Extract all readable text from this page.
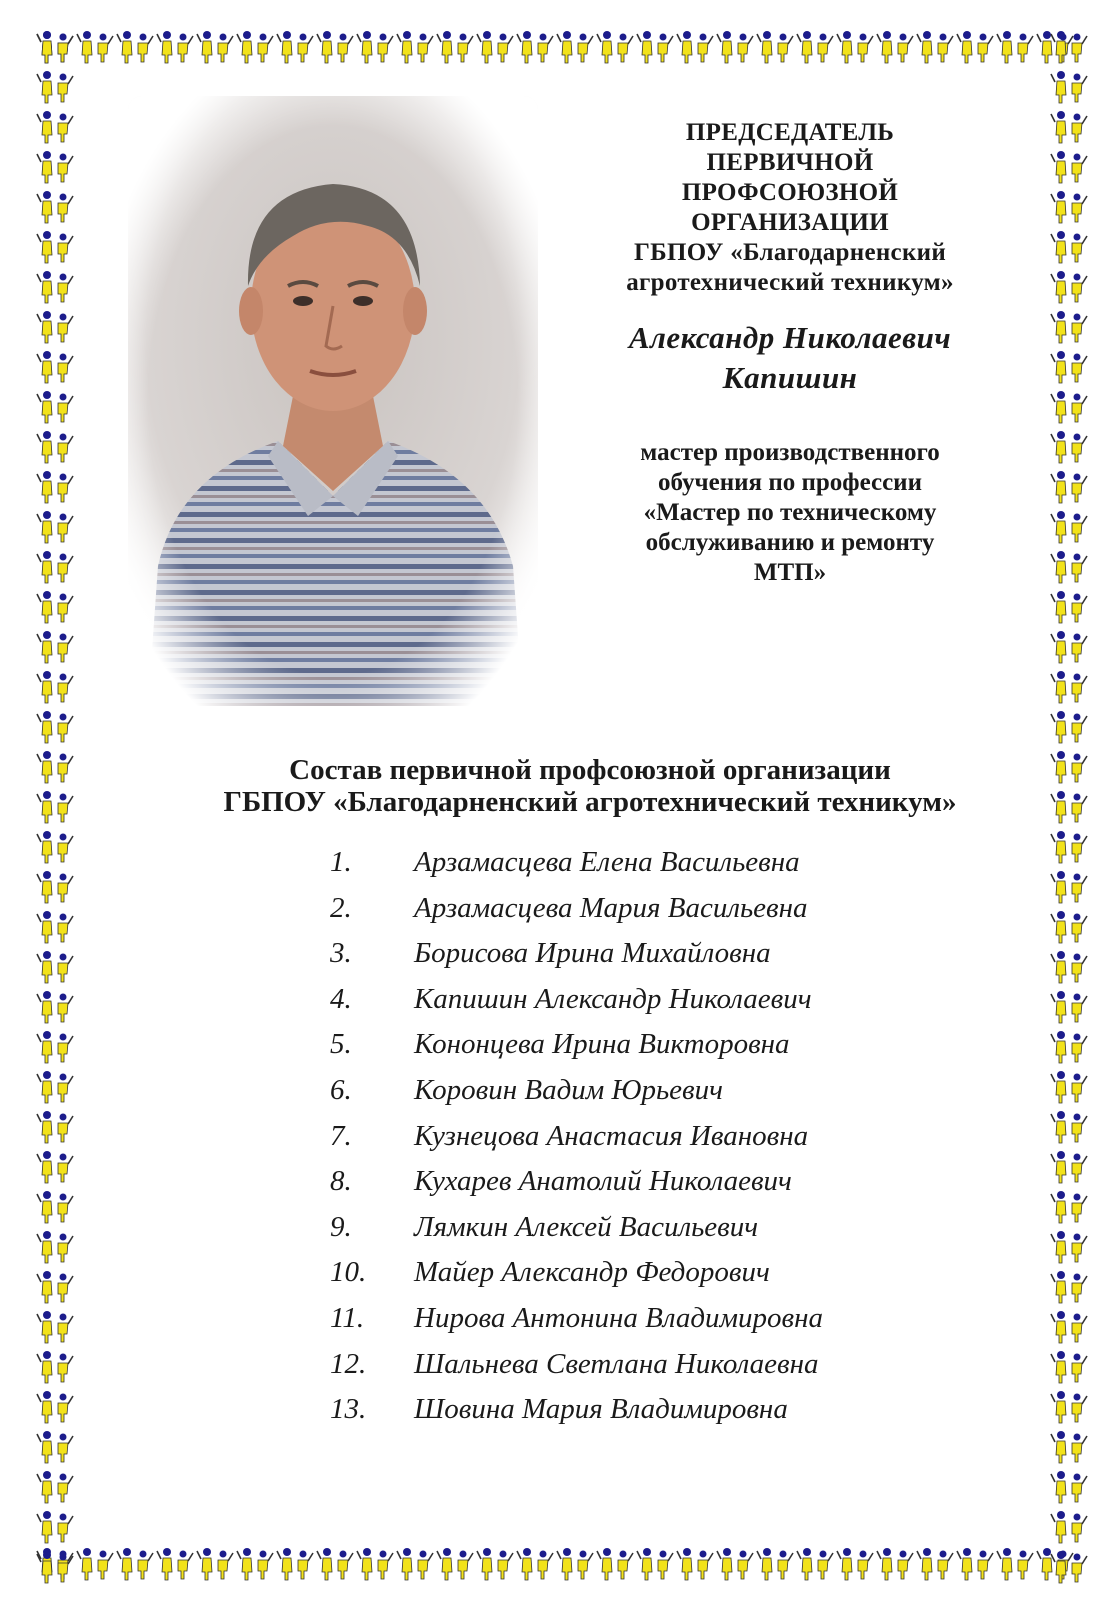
ПРЕДСЕДАТЕЛЬ
ПЕРВИЧНОЙ
ПРОФСОЮЗНОЙ
ОРГАНИЗАЦИИ
ГБПОУ «Благодарненский
агротехнический техникум»
Александр Николаевич
Капишин
мастер производственного
обучения по профессии
«Мастер по техническому
обслуживанию и ремонту
МТП»
Состав первичной профсоюзной организации
ГБПОУ «Благодарненский агротехнический техникум»
1.	Арзамасцева Елена Васильевна
2.	Арзамасцева Мария Васильевна
3.	Борисова Ирина Михайловна
4.	Капишин Александр Николаевич
5.	Кононцева Ирина Викторовна
6.	Коровин Вадим Юрьевич
7.	Кузнецова Анастасия Ивановна
8.	Кухарев Анатолий Николаевич
9.	Лямкин Алексей Васильевич
10.	Майер Александр Федорович
11.	Нирова Антонина Владимировна
12.	Шальнева Светлана Николаевна
13.	Шовина Мария Владимировна
